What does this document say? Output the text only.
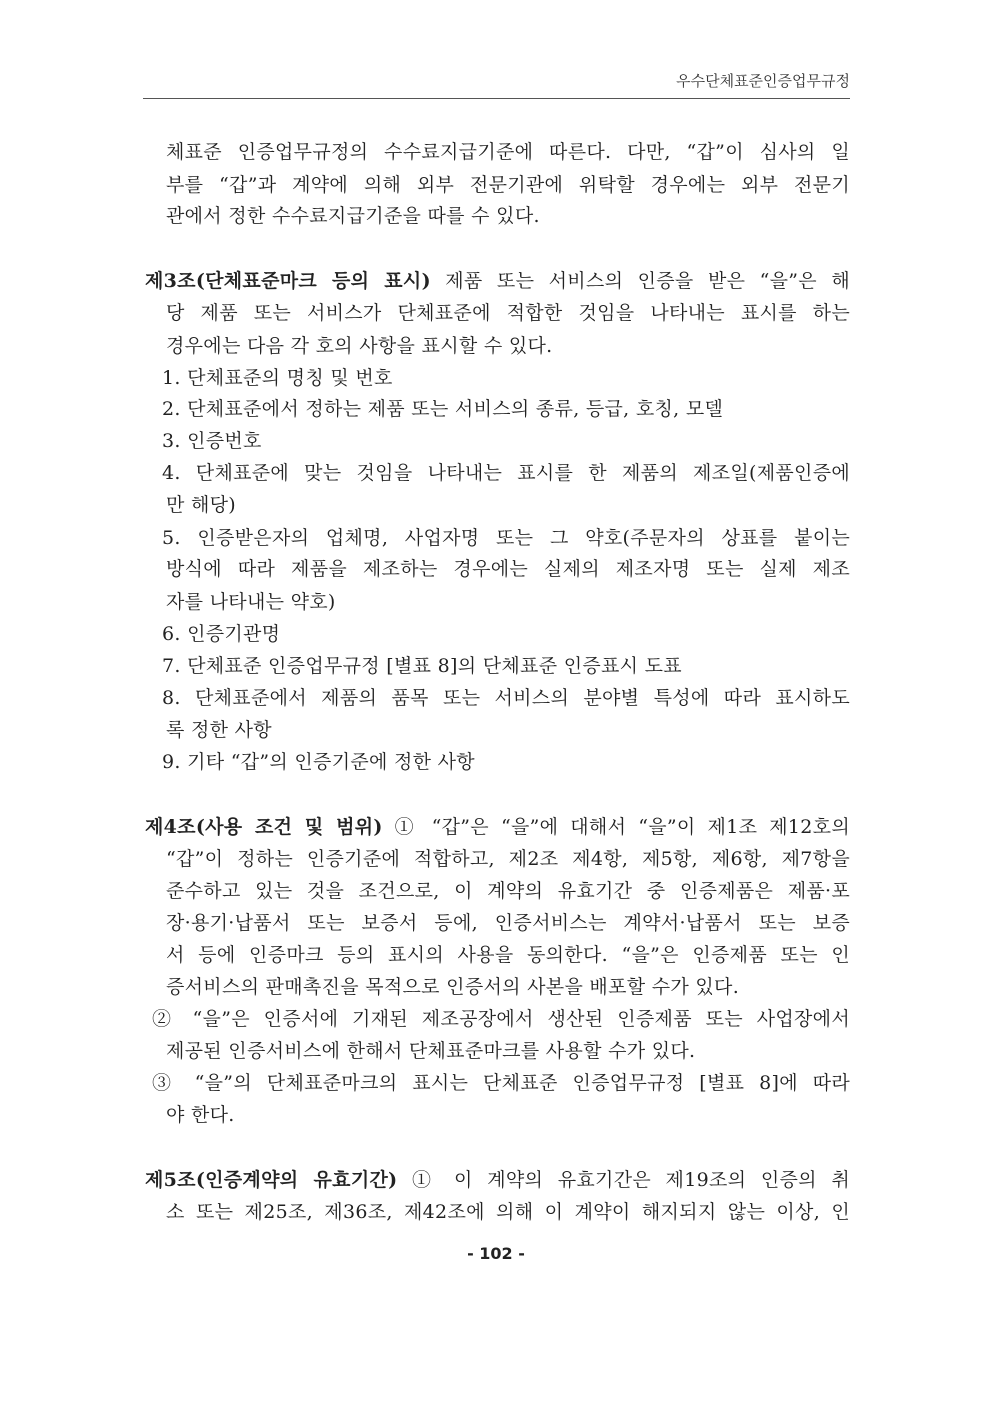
우수단체표준인증업무규정
체표준 인증업무규정의 수수료지급기준에 따른다. 다만, “갑”이 심사의 일
부를 “갑”과 계약에 의해 외부 전문기관에 위탁할 경우에는 외부 전문기
관에서 정한 수수료지급기준을 따를 수 있다.
제3조(단체표준마크 등의 표시) 제품 또는 서비스의 인증을 받은 “을”은 해
당 제품 또는 서비스가 단체표준에 적합한 것임을 나타내는 표시를 하는
경우에는 다음 각 호의 사항을 표시할 수 있다.
1. 단체표준의 명칭 및 번호
2. 단체표준에서 정하는 제품 또는 서비스의 종류, 등급, 호칭, 모델
3. 인증번호
4. 단체표준에 맞는 것임을 나타내는 표시를 한 제품의 제조일(제품인증에
만 해당)
5. 인증받은자의 업체명, 사업자명 또는 그 약호(주문자의 상표를 붙이는
방식에 따라 제품을 제조하는 경우에는 실제의 제조자명 또는 실제 제조
자를 나타내는 약호)
6. 인증기관명
7. 단체표준 인증업무규정 [별표 8]의 단체표준 인증표시 도표
8. 단체표준에서 제품의 품목 또는 서비스의 분야별 특성에 따라 표시하도
록 정한 사항
9. 기타 “갑”의 인증기준에 정한 사항
제4조(사용 조건 및 범위) ① “갑”은 “을”에 대해서 “을”이 제1조 제12호의
“갑”이 정하는 인증기준에 적합하고, 제2조 제4항, 제5항, 제6항, 제7항을
준수하고 있는 것을 조건으로, 이 계약의 유효기간 중 인증제품은 제품·포
장·용기·납품서 또는 보증서 등에, 인증서비스는 계약서·납품서 또는 보증
서 등에 인증마크 등의 표시의 사용을 동의한다. “을”은 인증제품 또는 인
증서비스의 판매촉진을 목적으로 인증서의 사본을 배포할 수가 있다.
② “을”은 인증서에 기재된 제조공장에서 생산된 인증제품 또는 사업장에서
제공된 인증서비스에 한해서 단체표준마크를 사용할 수가 있다.
③ “을”의 단체표준마크의 표시는 단체표준 인증업무규정 [별표 8]에 따라
야 한다.
제5조(인증계약의 유효기간) ① 이 계약의 유효기간은 제19조의 인증의 취
소 또는 제25조, 제36조, 제42조에 의해 이 계약이 해지되지 않는 이상, 인
- 102 -
